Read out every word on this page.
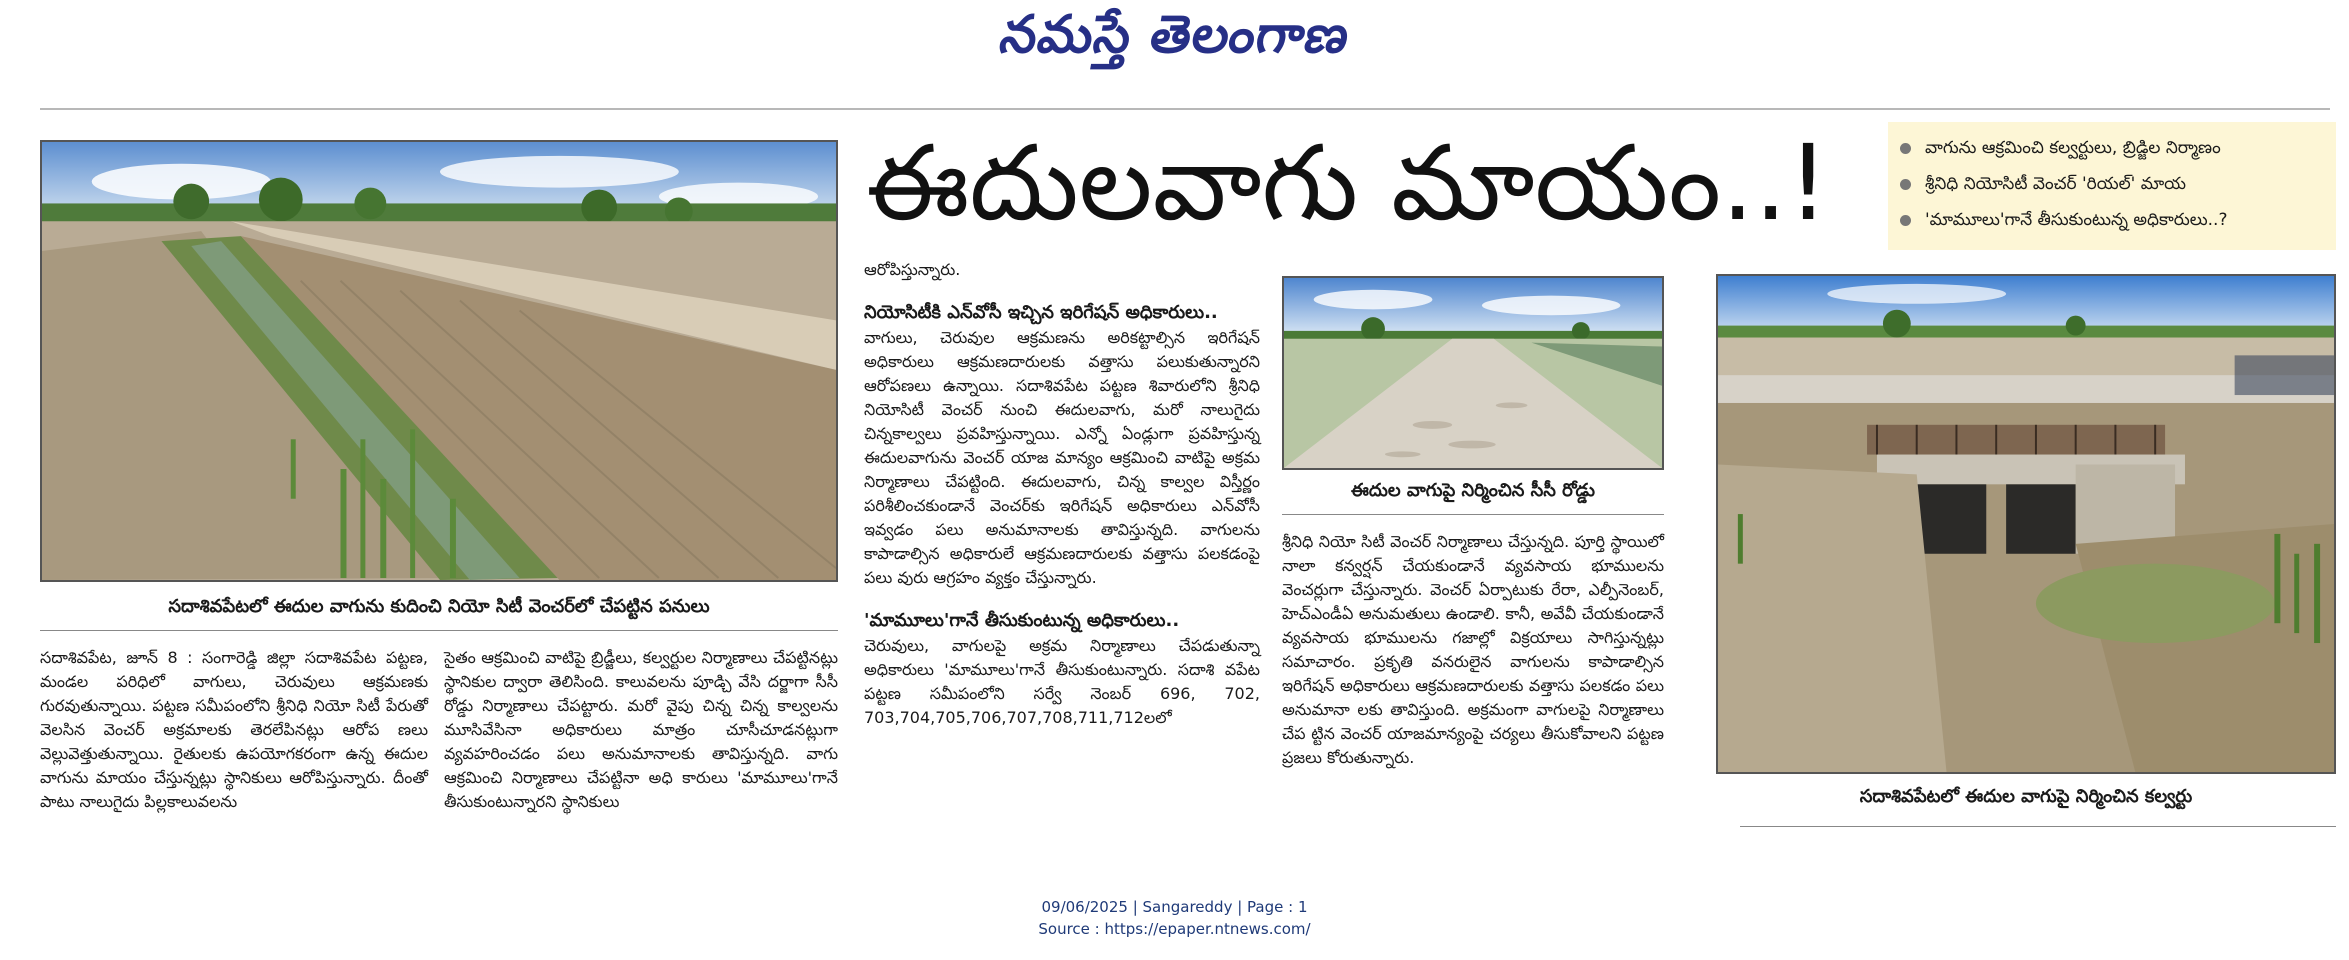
నమస్తే తెలంగాణ
సదాశివపేటలో ఈదుల వాగును కుదించి నియో సిటీ వెంచర్‌లో చేపట్టిన పనులు
ఈదులవాగు మాయం..!	వాగును ఆక్రమించి కల్వర్టులు, బ్రిడ్జిల నిర్మాణం
శ్రీనిధి నియోసిటీ వెంచర్ 'రియల్' మాయ
'మామూలు'గానే తీసుకుంటున్న అధికారులు..?
ఈదుల వాగుపై నిర్మించిన సీసీ రోడ్డు
సదాశివపేటలో ఈదుల వాగుపై నిర్మించిన కల్వర్టు

సదాశివపేట, జూన్ 8 : సంగారెడ్డి జిల్లా సదాశివపేట పట్టణ, మండల పరిధిలో వాగులు, చెరువులు ఆక్రమణకు గురవుతున్నాయి. పట్టణ సమీపంలోని శ్రీనిధి నియో సిటీ పేరుతో వెలసిన వెంచర్ అక్రమాలకు తెరలేపినట్లు ఆరోప ణలు వెల్లువెత్తుతున్నాయి. రైతులకు ఉపయోగకరంగా ఉన్న ఈదుల వాగును మాయం చేస్తున్నట్లు స్థానికులు ఆరోపిస్తున్నారు. దీంతో పాటు నాలుగైదు పిల్లకాలువలను

సైతం ఆక్రమించి వాటిపై బ్రిడ్జీలు, కల్వర్టుల నిర్మాణాలు చేపట్టినట్లు స్థానికుల ద్వారా తెలిసింది. కాలువలను పూడ్చి వేసి దర్జాగా సీసీ రోడ్డు నిర్మాణాలు చేపట్టారు. మరో వైపు చిన్న చిన్న కాల్వలను మూసివేసినా అధికారులు మాత్రం చూసీచూడనట్లుగా వ్యవహరించడం పలు అనుమానాలకు తావిస్తున్నది. వాగు ఆక్రమించి నిర్మాణాలు చేపట్టినా అధి కారులు 'మామూలు'గానే తీసుకుంటున్నారని స్థానికులు

ఆరోపిస్తున్నారు.

నియోసిటీకి ఎన్‌వోసీ ఇచ్చిన ఇరిగేషన్ అధికారులు..

వాగులు, చెరువుల ఆక్రమణను అరికట్టాల్సిన ఇరిగేషన్ అధికారులు ఆక్రమణదారులకు వత్తాసు పలుకుతున్నారని ఆరోపణలు ఉన్నాయి. సదాశివపేట పట్టణ శివారులోని శ్రీనిధి నియోసిటీ వెంచర్ నుంచి ఈదులవాగు, మరో నాలుగైదు చిన్నకాల్వలు ప్రవహిస్తున్నాయి. ఎన్నో ఏండ్లుగా ప్రవహిస్తున్న ఈదులవాగును వెంచర్ యాజ మాన్యం ఆక్రమించి వాటిపై అక్రమ నిర్మాణాలు చేపట్టింది. ఈదులవాగు, చిన్న కాల్వల విస్తీర్ణం పరిశీలించకుండానే వెంచర్‌కు ఇరిగేషన్ అధికారులు ఎన్‌వోసీ ఇవ్వడం పలు అనుమానాలకు తావిస్తున్నది. వాగులను కాపాడాల్సిన అధికారులే ఆక్రమణదారులకు వత్తాసు పలకడంపై పలు వురు ఆగ్రహం వ్యక్తం చేస్తున్నారు.

'మామూలు'గానే తీసుకుంటున్న అధికారులు..

చెరువులు, వాగులపై అక్రమ నిర్మాణాలు చేపడుతున్నా అధికారులు 'మామూలు'గానే తీసుకుంటున్నారు. సదాశి వపేట పట్టణ సమీపంలోని సర్వే నెంబర్ 696, 702, 703,704,705,706,707,708,711,712లలో

శ్రీనిధి నియో సిటీ వెంచర్ నిర్మాణాలు చేస్తున్నది. పూర్తి స్థాయిలో నాలా కన్వర్షన్ చేయకుండానే వ్యవసాయ భూములను వెంచర్లుగా చేస్తున్నారు. వెంచర్ ఏర్పాటుకు రేరా, ఎల్పీనెంబర్, హెచ్ఎండీఏ అనుమతులు ఉండాలి. కానీ, అవేవీ చేయకుండానే వ్యవసాయ భూములను గజాల్లో విక్రయాలు సాగిస్తున్నట్లు సమాచారం. ప్రకృతి వనరులైన వాగులను కాపాడాల్సిన ఇరిగేషన్ అధికారులు ఆక్రమణదారులకు వత్తాసు పలకడం పలు అనుమానా లకు తావిస్తుంది. అక్రమంగా వాగులపై నిర్మాణాలు చేప ట్టిన వెంచర్ యాజమాన్యంపై చర్యలు తీసుకోవాలని పట్టణ ప్రజలు కోరుతున్నారు.

09/06/2025 | Sangareddy | Page : 1
Source : https://epaper.ntnews.com/
